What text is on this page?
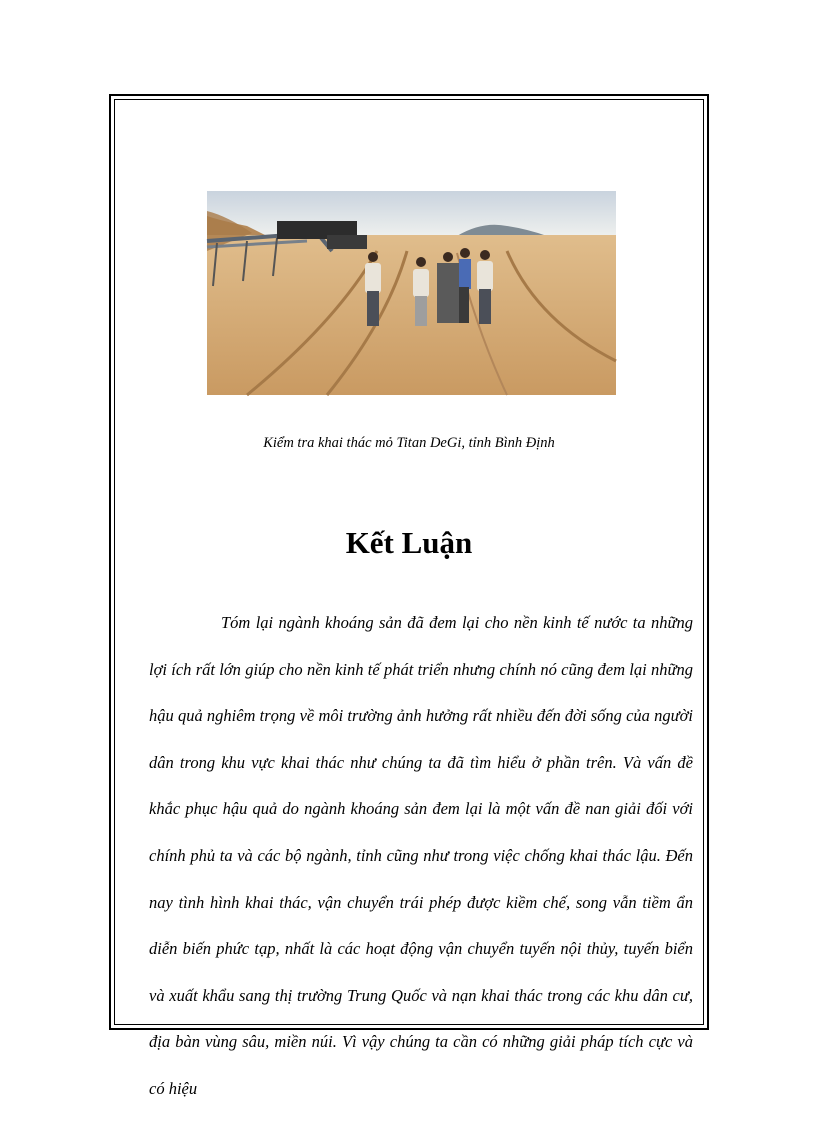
Kiểm tra khai thác mỏ Titan DeGi, tỉnh Bình Định
Kết Luận
Tóm lại ngành khoáng sản đã đem lại cho nền kinh tế nước ta những lợi ích rất lớn giúp cho nền kinh tế phát triển nhưng chính nó cũng đem lại những hậu quả nghiêm trọng về môi trường ảnh hưởng rất nhiều đến đời sống của người dân trong khu vực khai thác như chúng ta đã tìm hiểu ở phần trên. Và vấn đề khắc phục hậu quả do ngành khoáng sản đem lại là một vấn đề nan giải đối với chính phủ ta và các bộ ngành, tỉnh cũng như trong việc chống khai thác lậu. Đến nay tình hình khai thác, vận chuyển trái phép được kiềm chế, song vẫn tiềm ẩn diễn biến phức tạp, nhất là các hoạt động vận chuyển tuyến nội thủy, tuyến biển và xuất khẩu sang thị trường Trung Quốc và nạn khai thác trong các khu dân cư, địa bàn vùng sâu, miền núi. Vì vậy chúng ta cần có những giải pháp tích cực và có hiệu
